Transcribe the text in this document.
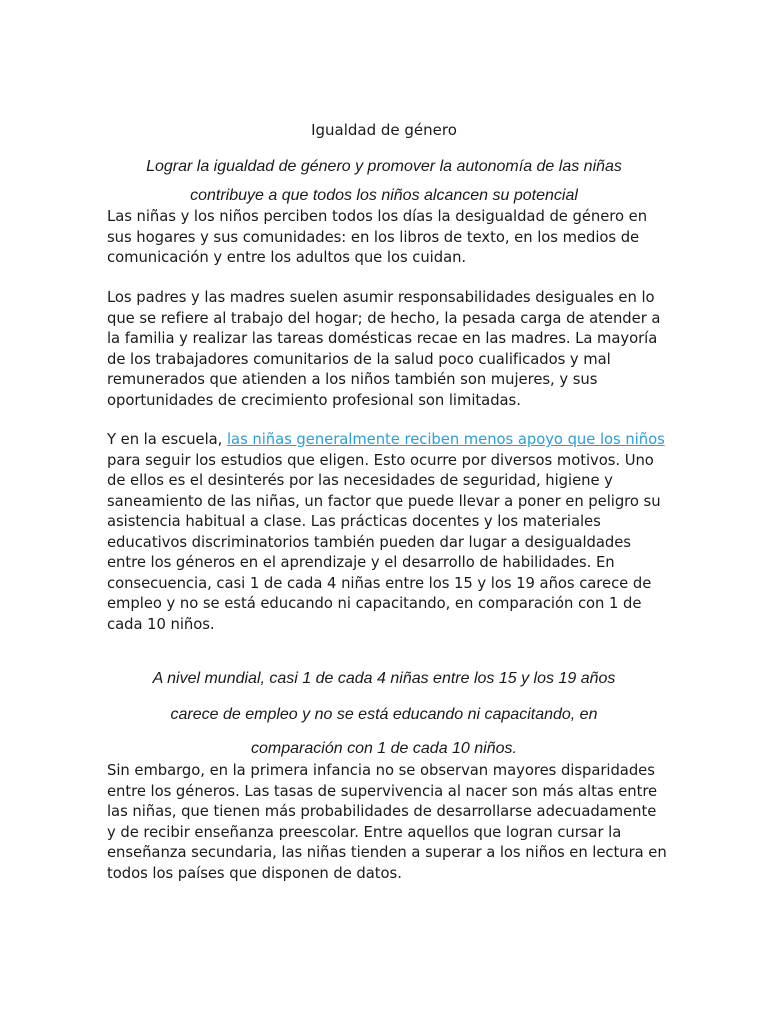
Igualdad de género
Lograr la igualdad de género y promover la autonomía de las niñas
contribuye a que todos los niños alcancen su potencial
Las niñas y los niños perciben todos los días la desigualdad de género en sus hogares y sus comunidades: en los libros de texto, en los medios de comunicación y entre los adultos que los cuidan.
Los padres y las madres suelen asumir responsabilidades desiguales en lo que se refiere al trabajo del hogar; de hecho, la pesada carga de atender a la familia y realizar las tareas domésticas recae en las madres. La mayoría de los trabajadores comunitarios de la salud poco cualificados y mal remunerados que atienden a los niños también son mujeres, y sus oportunidades de crecimiento profesional son limitadas.
Y en la escuela, las niñas generalmente reciben menos apoyo que los niños para seguir los estudios que eligen. Esto ocurre por diversos motivos. Uno de ellos es el desinterés por las necesidades de seguridad, higiene y saneamiento de las niñas, un factor que puede llevar a poner en peligro su asistencia habitual a clase. Las prácticas docentes y los materiales educativos discriminatorios también pueden dar lugar a desigualdades entre los géneros en el aprendizaje y el desarrollo de habilidades. En consecuencia, casi 1 de cada 4 niñas entre los 15 y los 19 años carece de empleo y no se está educando ni capacitando, en comparación con 1 de cada 10 niños.
A nivel mundial, casi 1 de cada 4 niñas entre los 15 y los 19 años
carece de empleo y no se está educando ni capacitando, en
comparación con 1 de cada 10 niños.
Sin embargo, en la primera infancia no se observan mayores disparidades entre los géneros. Las tasas de supervivencia al nacer son más altas entre las niñas, que tienen más probabilidades de desarrollarse adecuadamente y de recibir enseñanza preescolar. Entre aquellos que logran cursar la enseñanza secundaria, las niñas tienden a superar a los niños en lectura en todos los países que disponen de datos.
